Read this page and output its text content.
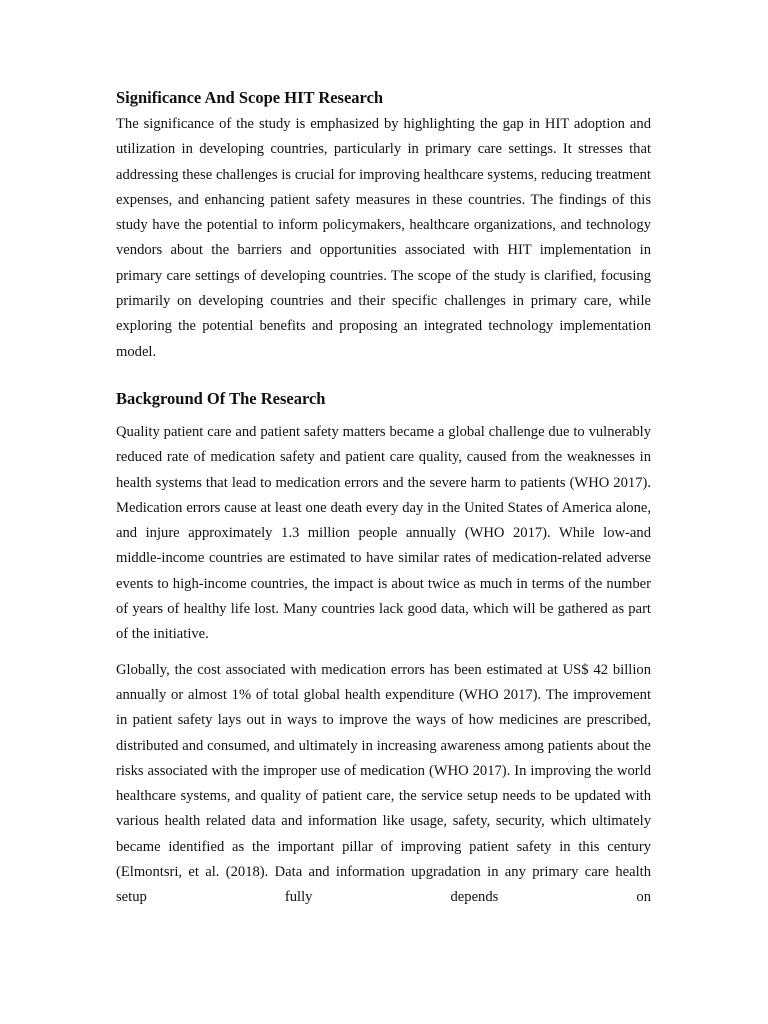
Significance And Scope HIT Research

The significance of the study is emphasized by highlighting the gap in HIT adoption and utilization in developing countries, particularly in primary care settings. It stresses that addressing these challenges is crucial for improving healthcare systems, reducing treatment expenses, and enhancing patient safety measures in these countries. The findings of this study have the potential to inform policymakers, healthcare organizations, and technology vendors about the barriers and opportunities associated with HIT implementation in primary care settings of developing countries. The scope of the study is clarified, focusing primarily on developing countries and their specific challenges in primary care, while exploring the potential benefits and proposing an integrated technology implementation model.

Background Of The Research

Quality patient care and patient safety matters became a global challenge due to vulnerably reduced rate of medication safety and patient care quality, caused from the weaknesses in health systems that lead to medication errors and the severe harm to patients (WHO 2017). Medication errors cause at least one death every day in the United States of America alone, and injure approximately 1.3 million people annually (WHO 2017). While low-and middle-income countries are estimated to have similar rates of medication-related adverse events to high-income countries, the impact is about twice as much in terms of the number of years of healthy life lost. Many countries lack good data, which will be gathered as part of the initiative.

Globally, the cost associated with medication errors has been estimated at US$ 42 billion annually or almost 1% of total global health expenditure (WHO 2017). The improvement in patient safety lays out in ways to improve the ways of how medicines are prescribed, distributed and consumed, and ultimately in increasing awareness among patients about the risks associated with the improper use of medication (WHO 2017). In improving the world healthcare systems, and quality of patient care, the service setup needs to be updated with various health related data and information like usage, safety, security, which ultimately became identified as the important pillar of improving patient safety in this century (Elmontsri, et al. (2018). Data and information upgradation in any primary care health setup fully depends on
